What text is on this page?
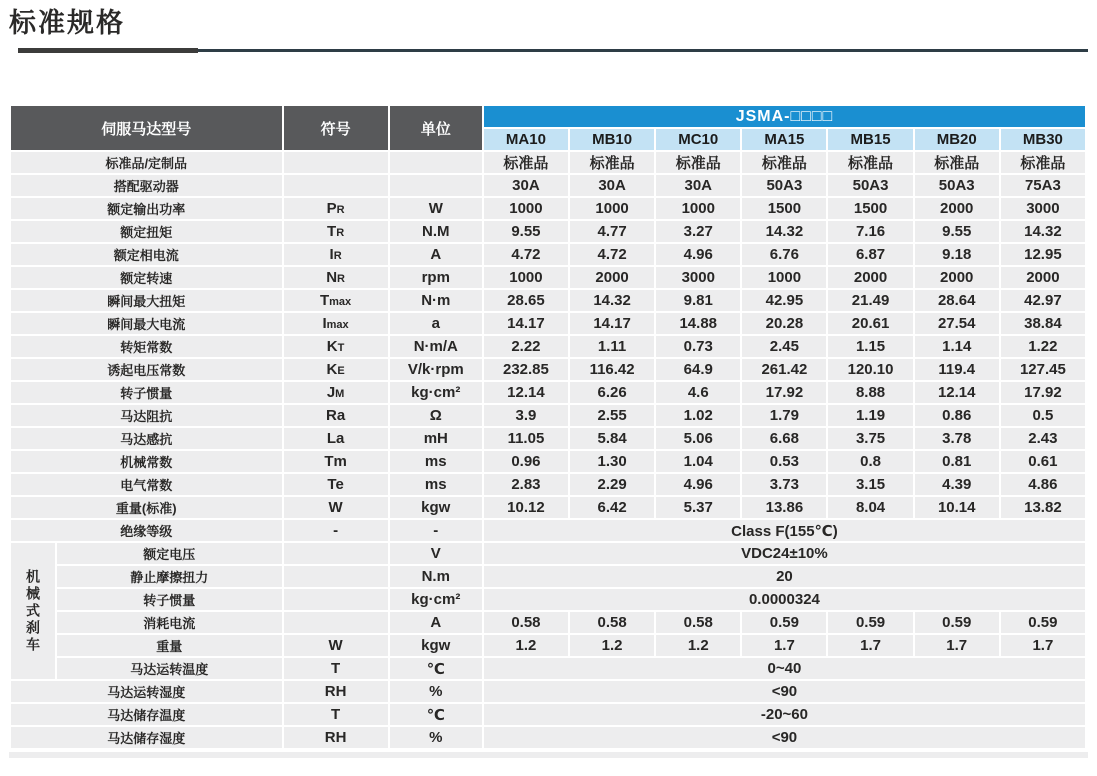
标准规格
伺服马达型号		符号	单位	JSMA-□□□□						
				MA10	MB10	MC10	MA15	MB15	MB20	MB30
标准品/定制品				标准品	标准品	标准品	标准品	标准品	标准品	标准品
搭配驱动器				30A	30A	30A	50A3	50A3	50A3	75A3
额定输出功率		PR	W	1000	1000	1000	1500	1500	2000	3000
额定扭矩		TR	N.M	9.55	4.77	3.27	14.32	7.16	9.55	14.32
额定相电流		IR	A	4.72	4.72	4.96	6.76	6.87	9.18	12.95
额定转速		NR	rpm	1000	2000	3000	1000	2000	2000	2000
瞬间最大扭矩		Tmax	N·m	28.65	14.32	9.81	42.95	21.49	28.64	42.97
瞬间最大电流		Imax	a	14.17	14.17	14.88	20.28	20.61	27.54	38.84
转矩常数		KT	N·m/A	2.22	1.11	0.73	2.45	1.15	1.14	1.22
诱起电压常数		KE	V/k·rpm	232.85	116.42	64.9	261.42	120.10	119.4	127.45
转子惯量		JM	kg·cm²	12.14	6.26	4.6	17.92	8.88	12.14	17.92
马达阻抗		Ra	Ω	3.9	2.55	1.02	1.79	1.19	0.86	0.5
马达感抗		La	mH	11.05	5.84	5.06	6.68	3.75	3.78	2.43
机械常数		Tm	ms	0.96	1.30	1.04	0.53	0.8	0.81	0.61
电气常数		Te	ms	2.83	2.29	4.96	3.73	3.15	4.39	4.86
重量(标准)		W	kgw	10.12	6.42	5.37	13.86	8.04	10.14	13.82
绝缘等级		-	-	Class F(155℃)						
机械式刹车	额定电压		V	VDC24±10%						
	静止摩擦扭力		N.m	20						
	转子惯量		kg·cm²	0.0000324						
	消耗电流		A	0.58	0.58	0.58	0.59	0.59	0.59	0.59
	重量	W	kgw	1.2	1.2	1.2	1.7	1.7	1.7	1.7
	马达运转温度	T	℃	0~40						
马达运转湿度		RH	%	<90						
马达储存温度		T	℃	-20~60						
马达储存湿度		RH	%	<90						
